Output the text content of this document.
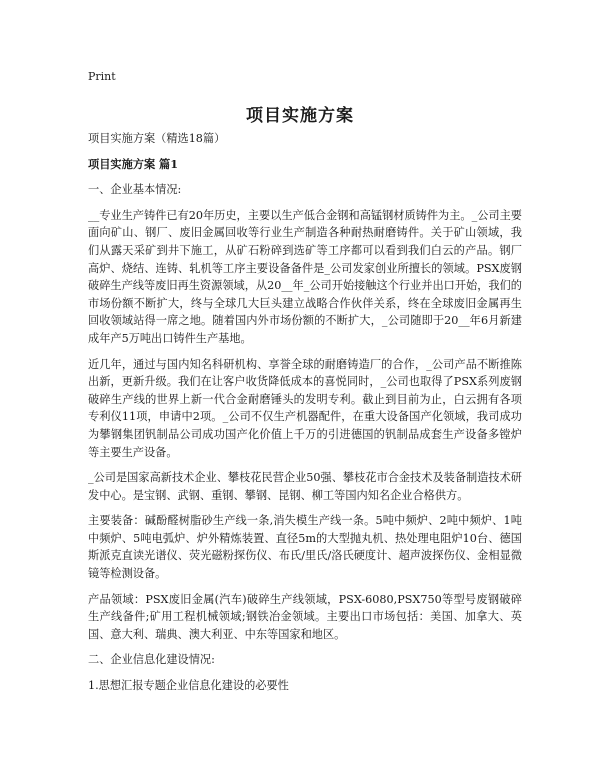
Print
项目实施方案

项目实施方案（精选18篇）

项目实施方案 篇1

一、企业基本情况:

__专业生产铸件已有20年历史，主要以生产低合金钢和高锰钢材质铸件为主。_公司主要面向矿山、钢厂、废旧金属回收等行业生产制造各种耐热耐磨铸件。关于矿山领域，我们从露天采矿到井下施工，从矿石粉碎到选矿等工序都可以看到我们白云的产品。钢厂高炉、烧结、连铸、轧机等工序主要设备备件是_公司发家创业所擅长的领域。PSX废钢破碎生产线等废旧再生资源领域，从20__年_公司开始接触这个行业并出口开始，我们的市场份额不断扩大，终与全球几大巨头建立战略合作伙伴关系，终在全球废旧金属再生回收领域站得一席之地。随着国内外市场份额的不断扩大，_公司随即于20__年6月新建成年产5万吨出口铸件生产基地。

近几年，通过与国内知名科研机构、享誉全球的耐磨铸造厂的合作，_公司产品不断推陈出新，更新升级。我们在让客户收货降低成本的喜悦同时，_公司也取得了PSX系列废钢破碎生产线的世界上新一代合金耐磨锤头的发明专利。截止到目前为止，白云拥有各项专利仪11项，申请中2项。_公司不仅生产机器配件，在重大设备国产化领域，我司成功为攀钢集团钒制品公司成功国产化价值上千万的引进德国的钒制品成套生产设备多镗炉等主要生产设备。

_公司是国家高新技术企业、攀枝花民营企业50强、攀枝花市合金技术及装备制造技术研发中心。是宝钢、武钢、重钢、攀钢、昆钢、柳工等国内知名企业合格供方。

主要装备：碱酚醛树脂砂生产线一条,消失模生产线一条。5吨中频炉、2吨中频炉、1吨中频炉、5吨电弧炉、炉外精炼装置、直径5m的大型抛丸机、热处理电阻炉10台、德国斯派克直读光谱仪、荧光磁粉探伤仪、布氏/里氏/洛氏硬度计、超声波探伤仪、金相显微镜等检测设备。

产品领域：PSX废旧金属(汽车)破碎生产线领域，PSX-6080,PSX750等型号废钢破碎生产线备件;矿用工程机械领域;钢铁冶金领域。主要出口市场包括：美国、加拿大、英国、意大利、瑞典、澳大利亚、中东等国家和地区。

二、企业信息化建设情况:

1.思想汇报专题企业信息化建设的必要性
